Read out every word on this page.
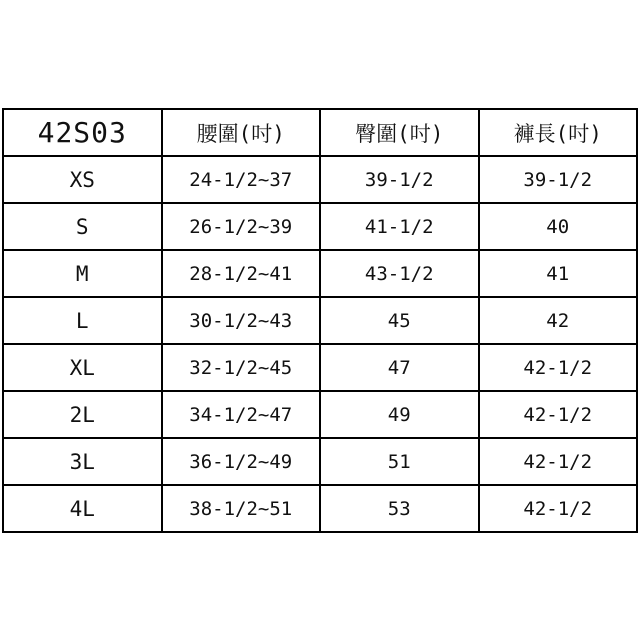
42S03	腰圍(吋)	臀圍(吋)	褲長(吋)
XS	24-1/2~37	39-1/2	39-1/2
S	26-1/2~39	41-1/2	40
M	28-1/2~41	43-1/2	41
L	30-1/2~43	45	42
XL	32-1/2~45	47	42-1/2
2L	34-1/2~47	49	42-1/2
3L	36-1/2~49	51	42-1/2
4L	38-1/2~51	53	42-1/2
